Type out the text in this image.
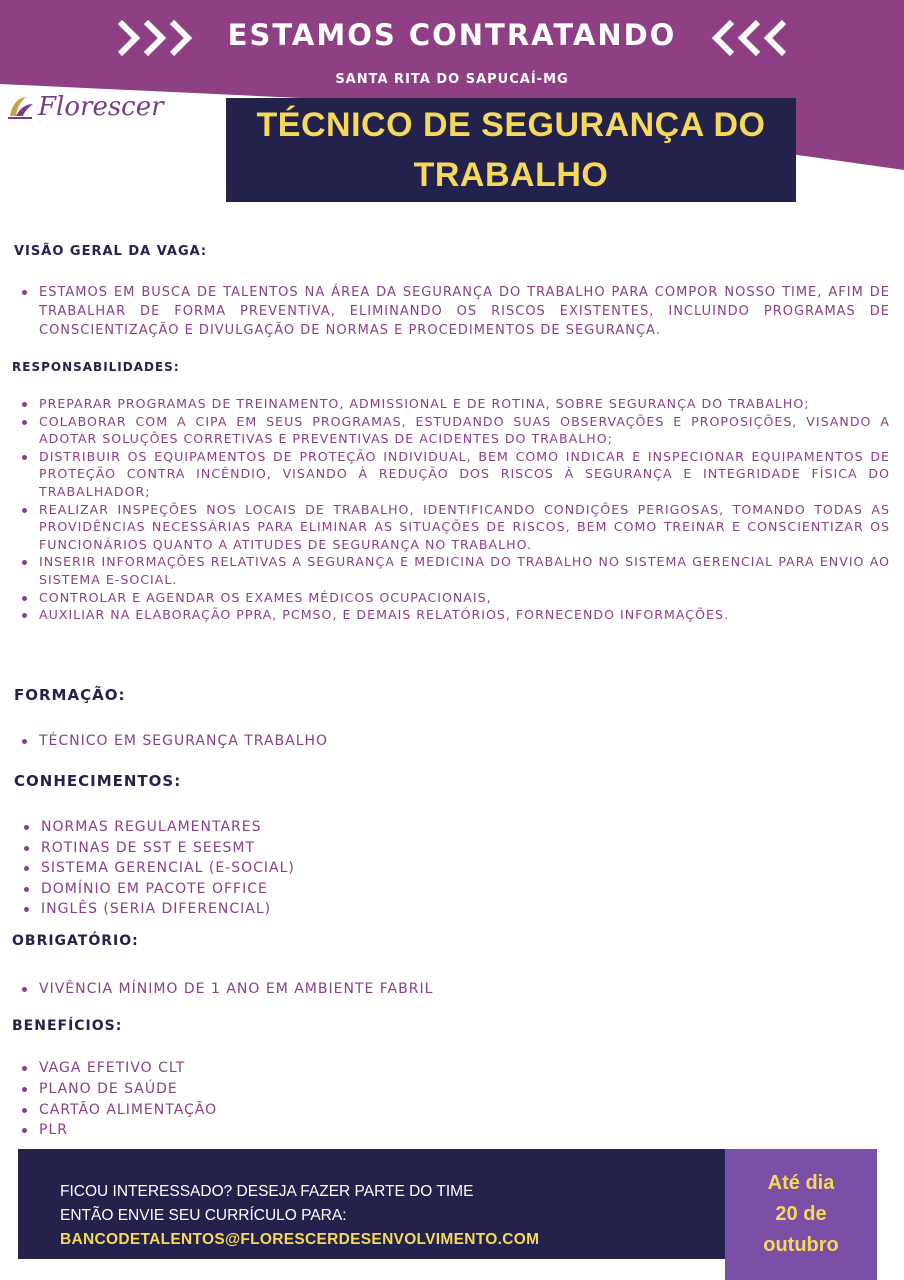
ESTAMOS CONTRATANDO
SANTA RITA DO SAPUCAÍ-MG
Florescer	TÉCNICO DE SEGURANÇA DO
TRABALHO
VISÃO GERAL DA VAGA:
ESTAMOS EM BUSCA DE TALENTOS NA ÁREA DA SEGURANÇA DO TRABALHO PARA COMPOR NOSSO TIME, AFIM DE TRABALHAR DE FORMA PREVENTIVA, ELIMINANDO OS RISCOS EXISTENTES, INCLUINDO PROGRAMAS DE CONSCIENTIZAÇÃO E DIVULGAÇÃO DE NORMAS E PROCEDIMENTOS DE SEGURANÇA.
RESPONSABILIDADES:
PREPARAR PROGRAMAS DE TREINAMENTO, ADMISSIONAL E DE ROTINA, SOBRE SEGURANÇA DO TRABALHO;
COLABORAR COM A CIPA EM SEUS PROGRAMAS, ESTUDANDO SUAS OBSERVAÇÕES E PROPOSIÇÕES, VISANDO A ADOTAR SOLUÇÕES CORRETIVAS E PREVENTIVAS DE ACIDENTES DO TRABALHO;
DISTRIBUIR OS EQUIPAMENTOS DE PROTEÇÃO INDIVIDUAL, BEM COMO INDICAR E INSPECIONAR EQUIPAMENTOS DE PROTEÇÃO CONTRA INCÊNDIO, VISANDO À REDUÇÃO DOS RISCOS À SEGURANÇA E INTEGRIDADE FÍSICA DO TRABALHADOR;
REALIZAR INSPEÇÕES NOS LOCAIS DE TRABALHO, IDENTIFICANDO CONDIÇÕES PERIGOSAS, TOMANDO TODAS AS PROVIDÊNCIAS NECESSÁRIAS PARA ELIMINAR AS SITUAÇÕES DE RISCOS, BEM COMO TREINAR E CONSCIENTIZAR OS FUNCIONÁRIOS QUANTO A ATITUDES DE SEGURANÇA NO TRABALHO.
INSERIR INFORMAÇÕES RELATIVAS A SEGURANÇA E MEDICINA DO TRABALHO NO SISTEMA GERENCIAL PARA ENVIO AO SISTEMA E-SOCIAL.
CONTROLAR E AGENDAR OS EXAMES MÉDICOS OCUPACIONAIS,
AUXILIAR NA ELABORAÇÃO PPRA, PCMSO, E DEMAIS RELATÓRIOS, FORNECENDO INFORMAÇÕES.
FORMAÇÃO:
TÉCNICO EM SEGURANÇA TRABALHO
CONHECIMENTOS:
NORMAS REGULAMENTARES
ROTINAS DE SST E SEESMT
SISTEMA GERENCIAL (E-SOCIAL)
DOMÍNIO EM PACOTE OFFICE
INGLÊS (SERIA DIFERENCIAL)
OBRIGATÓRIO:
VIVÊNCIA MÍNIMO DE 1 ANO EM AMBIENTE FABRIL
BENEFÍCIOS:
VAGA EFETIVO CLT
PLANO DE SAÚDE
CARTÃO ALIMENTAÇÃO
PLR
FICOU INTERESSADO? DESEJA FAZER PARTE DO TIME
ENTÃO ENVIE SEU CURRÍCULO PARA:
BANCODETALENTOS@FLORESCERDESENVOLVIMENTO.COM
Até dia
20 de
outubro
